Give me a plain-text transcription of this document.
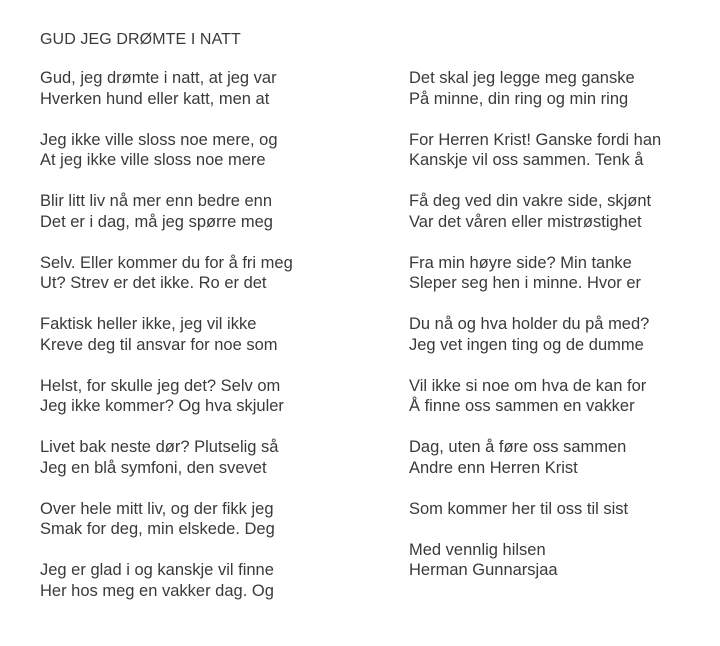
GUD JEG DRØMTE I NATT
Gud, jeg drømte i natt, at jeg var
Hverken hund eller katt, men at
Jeg ikke ville sloss noe mere, og
At jeg ikke ville sloss noe mere
Blir litt liv nå mer enn bedre enn
Det er i dag, må jeg spørre meg
Selv. Eller kommer du for å fri meg
Ut? Strev er det ikke. Ro er det
Faktisk heller ikke, jeg vil ikke
Kreve deg til ansvar for noe som
Helst, for skulle jeg det? Selv om
Jeg ikke kommer? Og hva skjuler
Livet bak neste dør? Plutselig så
Jeg en blå symfoni, den svevet
Over hele mitt liv, og der fikk jeg
Smak for deg, min elskede. Deg
Jeg er glad i og kanskje vil finne
Her hos meg en vakker dag. Og
Det skal jeg legge meg ganske
På minne, din ring og min ring
For Herren Krist! Ganske fordi han
Kanskje vil oss sammen. Tenk å
Få deg ved din vakre side, skjønt
Var det våren eller mistrøstighet
Fra min høyre side? Min tanke
Sleper seg hen i minne. Hvor er
Du nå og hva holder du på med?
Jeg vet ingen ting og de dumme
Vil ikke si noe om hva de kan for
Å finne oss sammen en vakker
Dag, uten å føre oss sammen
Andre enn Herren Krist
Som kommer her til oss til sist
Med vennlig hilsen
Herman Gunnarsjaa
